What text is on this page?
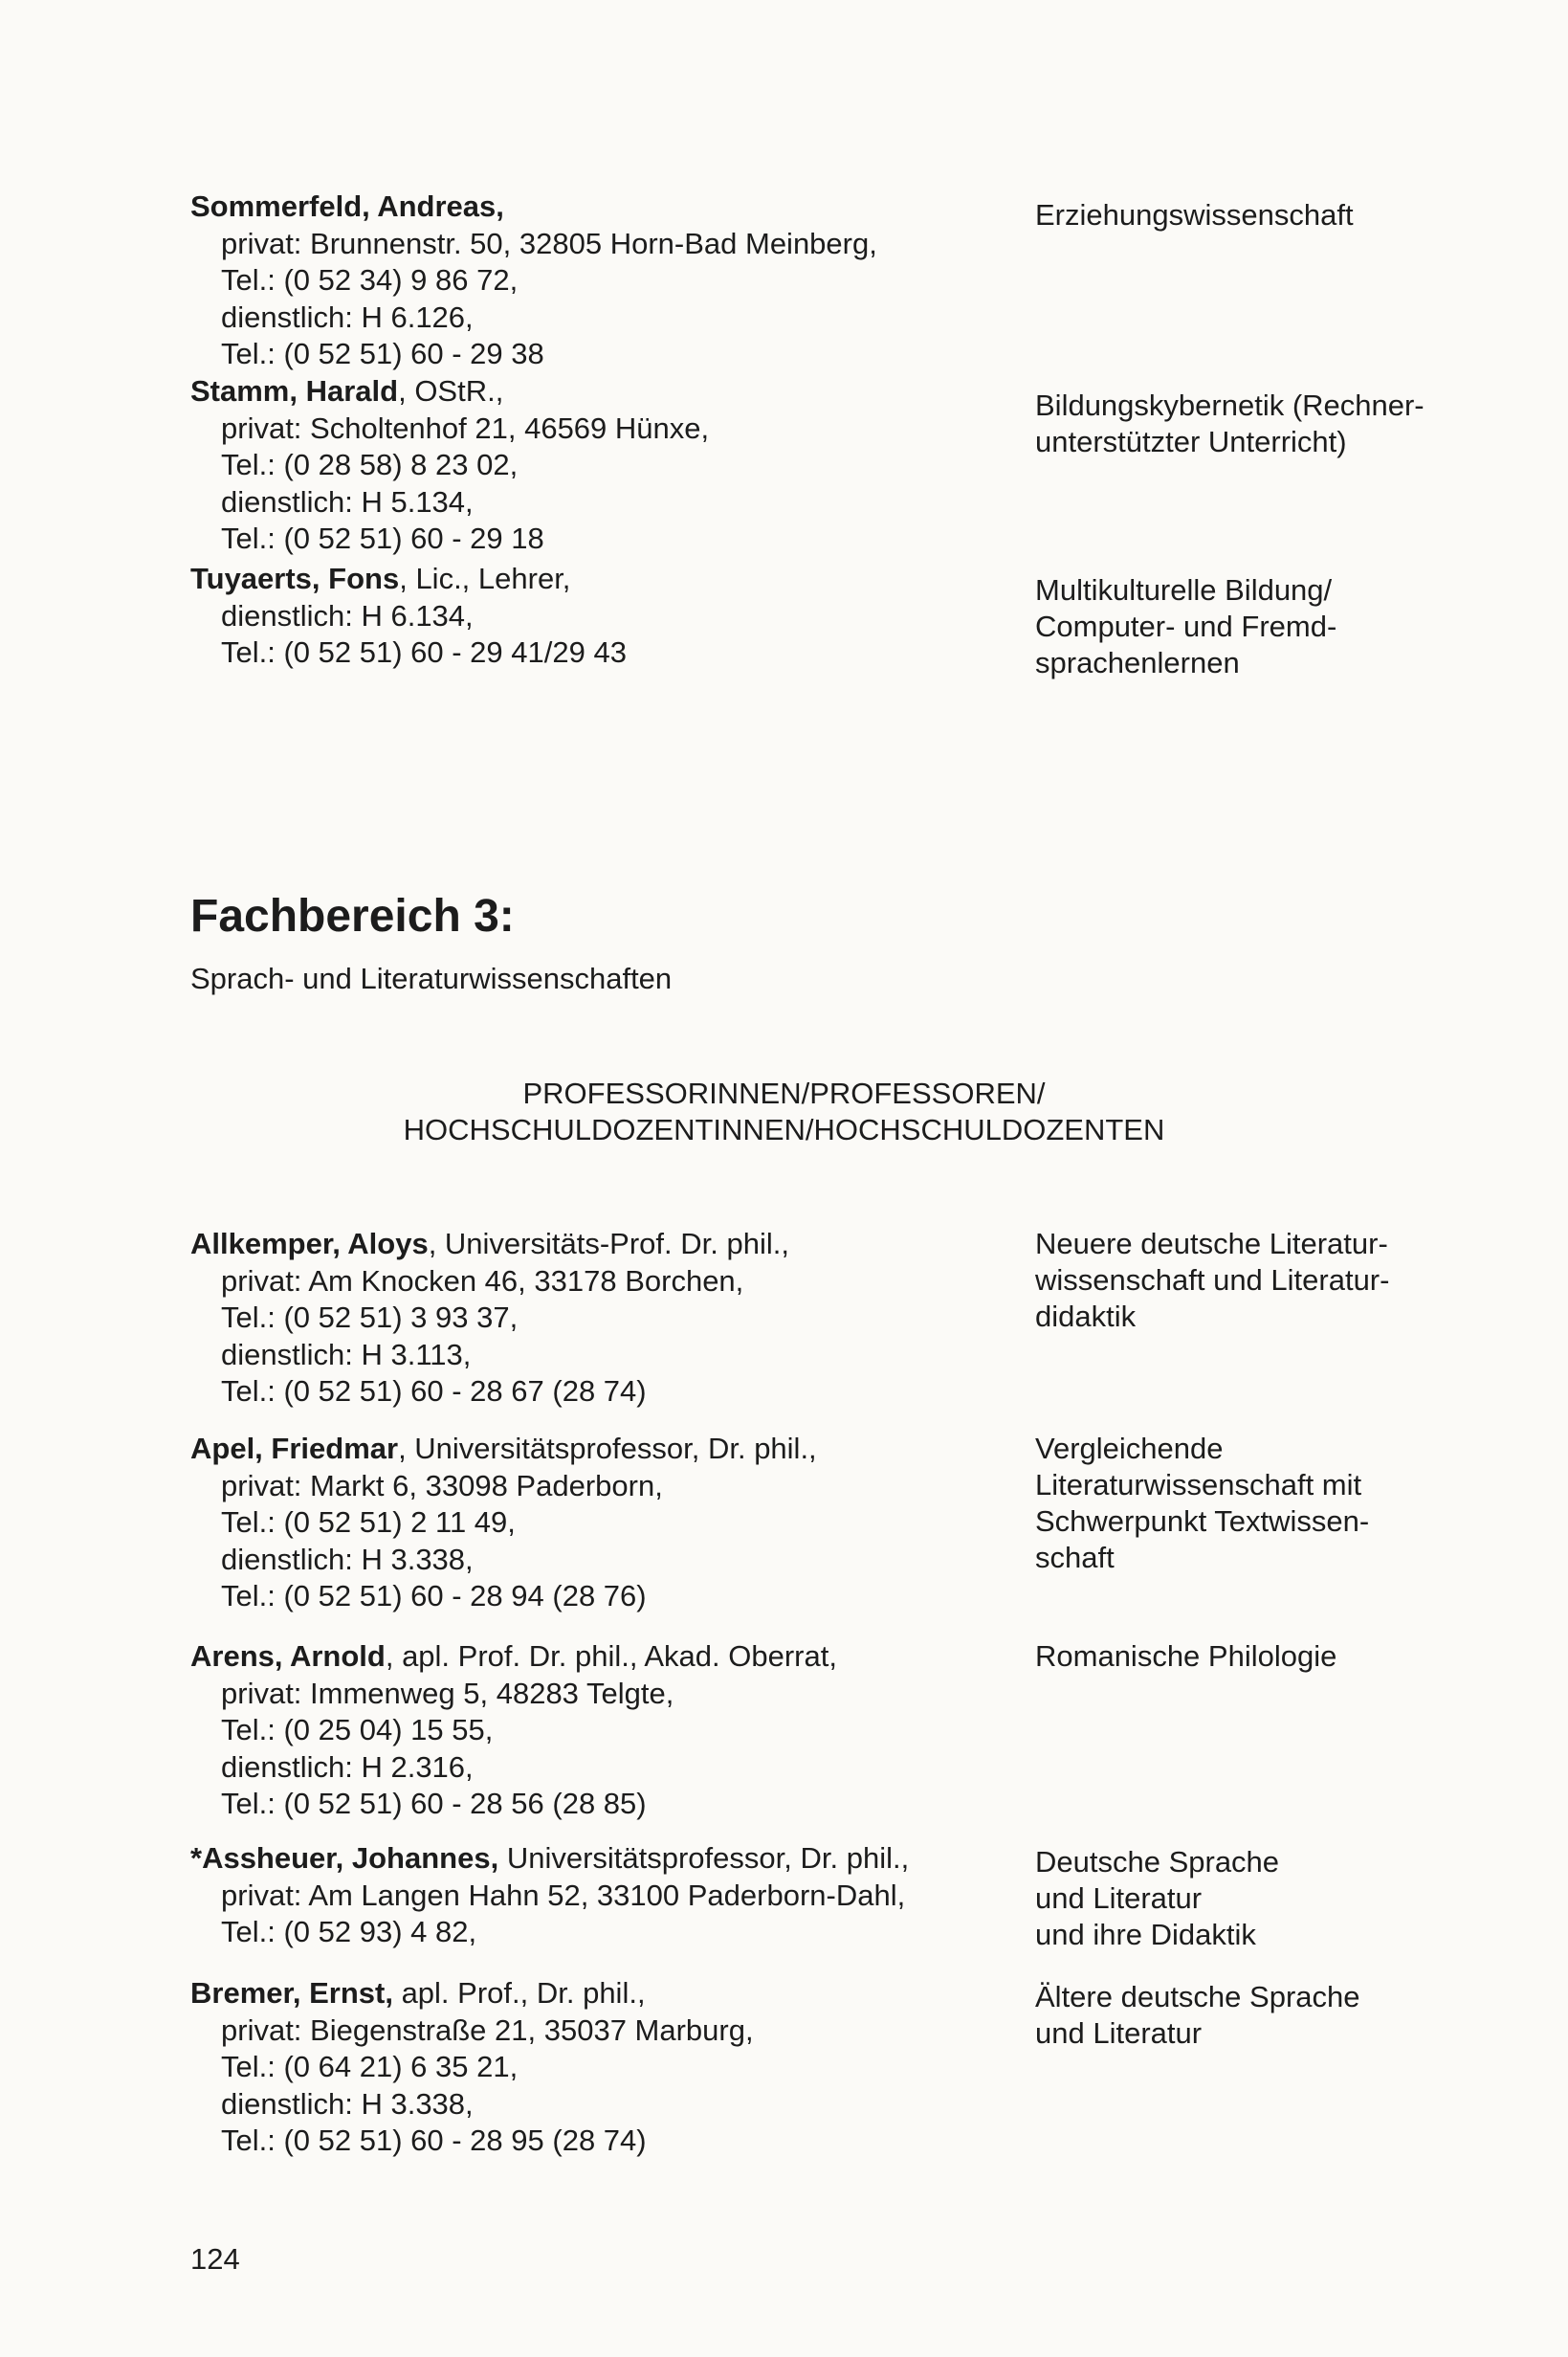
Sommerfeld, Andreas,
privat: Brunnenstr. 50, 32805 Horn-Bad Meinberg,
Tel.: (0 52 34) 9 86 72,
dienstlich: H 6.126,
Tel.: (0 52 51) 60 - 29 38
Erziehungswissenschaft
Stamm, Harald, OStR.,
privat: Scholtenhof 21, 46569 Hünxe,
Tel.: (0 28 58) 8 23 02,
dienstlich: H 5.134,
Tel.: (0 52 51) 60 - 29 18
Bildungskybernetik (Rechner-
unterstützter Unterricht)
Tuyaerts, Fons, Lic., Lehrer,
dienstlich: H 6.134,
Tel.: (0 52 51) 60 - 29 41/29 43
Multikulturelle Bildung/
Computer- und Fremd-
sprachenlernen
Fachbereich 3:
Sprach- und Literaturwissenschaften
PROFESSORINNEN/PROFESSOREN/
HOCHSCHULDOZENTINNEN/HOCHSCHULDOZENTEN
Allkemper, Aloys, Universitäts-Prof. Dr. phil.,
privat: Am Knocken 46, 33178 Borchen,
Tel.: (0 52 51) 3 93 37,
dienstlich: H 3.113,
Tel.: (0 52 51) 60 - 28 67 (28 74)
Neuere deutsche Literatur-
wissenschaft und Literatur-
didaktik
Apel, Friedmar, Universitätsprofessor, Dr. phil.,
privat: Markt 6, 33098 Paderborn,
Tel.: (0 52 51) 2 11 49,
dienstlich: H 3.338,
Tel.: (0 52 51) 60 - 28 94 (28 76)
Vergleichende
Literaturwissenschaft mit
Schwerpunkt Textwissen-
schaft
Arens, Arnold, apl. Prof. Dr. phil., Akad. Oberrat,
privat: Immenweg 5, 48283 Telgte,
Tel.: (0 25 04) 15 55,
dienstlich: H 2.316,
Tel.: (0 52 51) 60 - 28 56 (28 85)
Romanische Philologie
*Assheuer, Johannes, Universitätsprofessor, Dr. phil.,
privat: Am Langen Hahn 52, 33100 Paderborn-Dahl,
Tel.: (0 52 93) 4 82,
Deutsche Sprache
und Literatur
und ihre Didaktik
Bremer, Ernst, apl. Prof., Dr. phil.,
privat: Biegenstraße 21, 35037 Marburg,
Tel.: (0 64 21) 6 35 21,
dienstlich: H 3.338,
Tel.: (0 52 51) 60 - 28 95 (28 74)
Ältere deutsche Sprache
und Literatur
124
